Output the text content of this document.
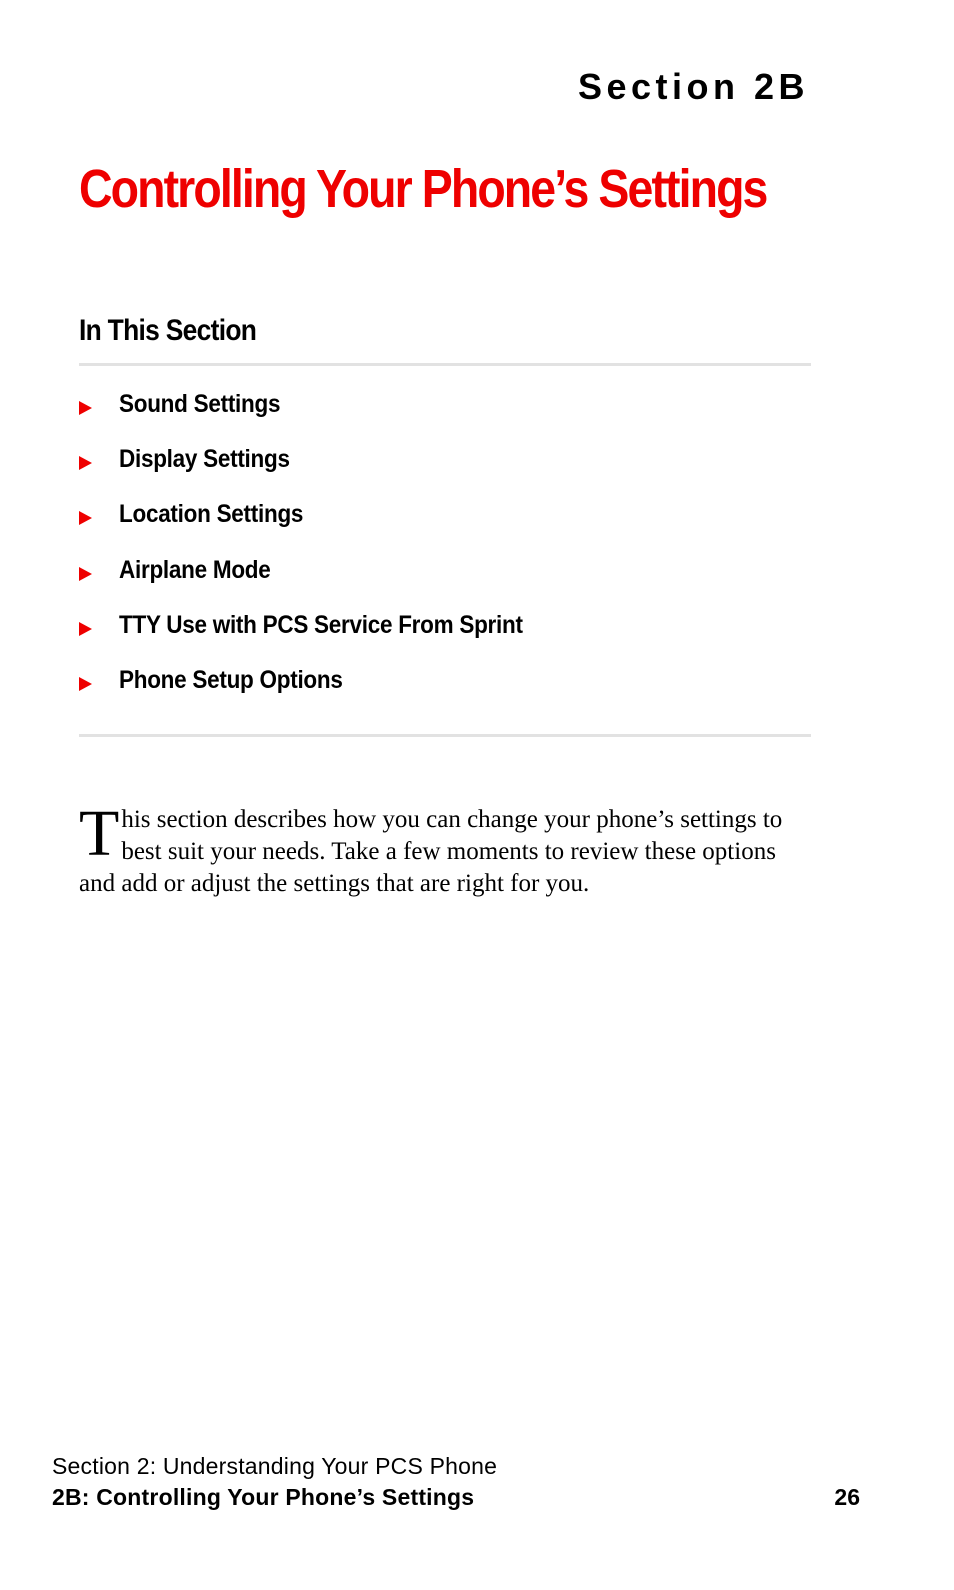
Section 2B
Controlling Your Phone’s Settings
In This Section
Sound Settings
Display Settings
Location Settings
Airplane Mode
TTY Use with PCS Service From Sprint
Phone Setup Options

This section describes how you can change your phone’s settings to best suit your needs. Take a few moments to review these options and add or adjust the settings that are right for you.

Section 2: Understanding Your PCS Phone

2B: Controlling Your Phone’s Settings	26
